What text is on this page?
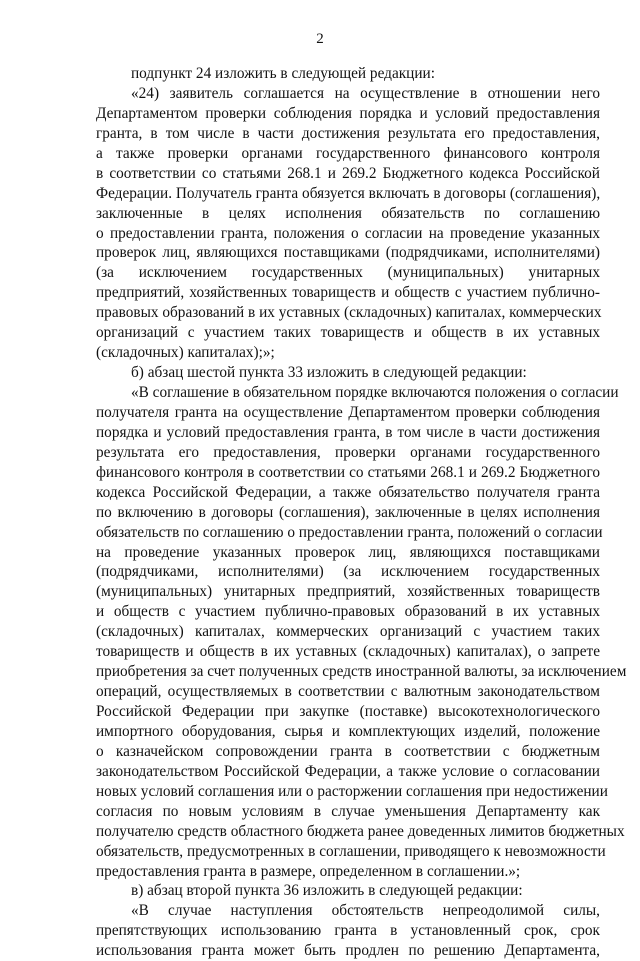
2
подпункт 24 изложить в следующей редакции:
«24) заявитель соглашается на осуществление в отношении него
Департаментом проверки соблюдения порядка и условий предоставления
гранта, в том числе в части достижения результата его предоставления,
а также проверки органами государственного финансового контроля
в соответствии со статьями 268.1 и 269.2 Бюджетного кодекса Российской
Федерации. Получатель гранта обязуется включать в договоры (соглашения),
заключенные в целях исполнения обязательств по соглашению
о предоставлении гранта, положения о согласии на проведение указанных
проверок лиц, являющихся поставщиками (подрядчиками, исполнителями)
(за исключением государственных (муниципальных) унитарных
предприятий, хозяйственных товариществ и обществ с участием публично-
правовых образований в их уставных (складочных) капиталах, коммерческих
организаций с участием таких товариществ и обществ в их уставных
(складочных) капиталах);»;
б) абзац шестой пункта 33 изложить в следующей редакции:
«В соглашение в обязательном порядке включаются положения о согласии
получателя гранта на осуществление Департаментом проверки соблюдения
порядка и условий предоставления гранта, в том числе в части достижения
результата его предоставления, проверки органами государственного
финансового контроля в соответствии со статьями 268.1 и 269.2 Бюджетного
кодекса Российской Федерации, а также обязательство получателя гранта
по включению в договоры (соглашения), заключенные в целях исполнения
обязательств по соглашению о предоставлении гранта, положений о согласии
на проведение указанных проверок лиц, являющихся поставщиками
(подрядчиками, исполнителями) (за исключением государственных
(муниципальных) унитарных предприятий, хозяйственных товариществ
и обществ с участием публично-правовых образований в их уставных
(складочных) капиталах, коммерческих организаций с участием таких
товариществ и обществ в их уставных (складочных) капиталах), о запрете
приобретения за счет полученных средств иностранной валюты, за исключением
операций, осуществляемых в соответствии с валютным законодательством
Российской Федерации при закупке (поставке) высокотехнологического
импортного оборудования, сырья и комплектующих изделий, положение
о казначейском сопровождении гранта в соответствии с бюджетным
законодательством Российской Федерации, а также условие о согласовании
новых условий соглашения или о расторжении соглашения при недостижении
согласия по новым условиям в случае уменьшения Департаменту как
получателю средств областного бюджета ранее доведенных лимитов бюджетных
обязательств, предусмотренных в соглашении, приводящего к невозможности
предоставления гранта в размере, определенном в соглашении.»;
в) абзац второй пункта 36 изложить в следующей редакции:
«В случае наступления обстоятельств непреодолимой силы,
препятствующих использованию гранта в установленный срок, срок
использования гранта может быть продлен по решению Департамента,
